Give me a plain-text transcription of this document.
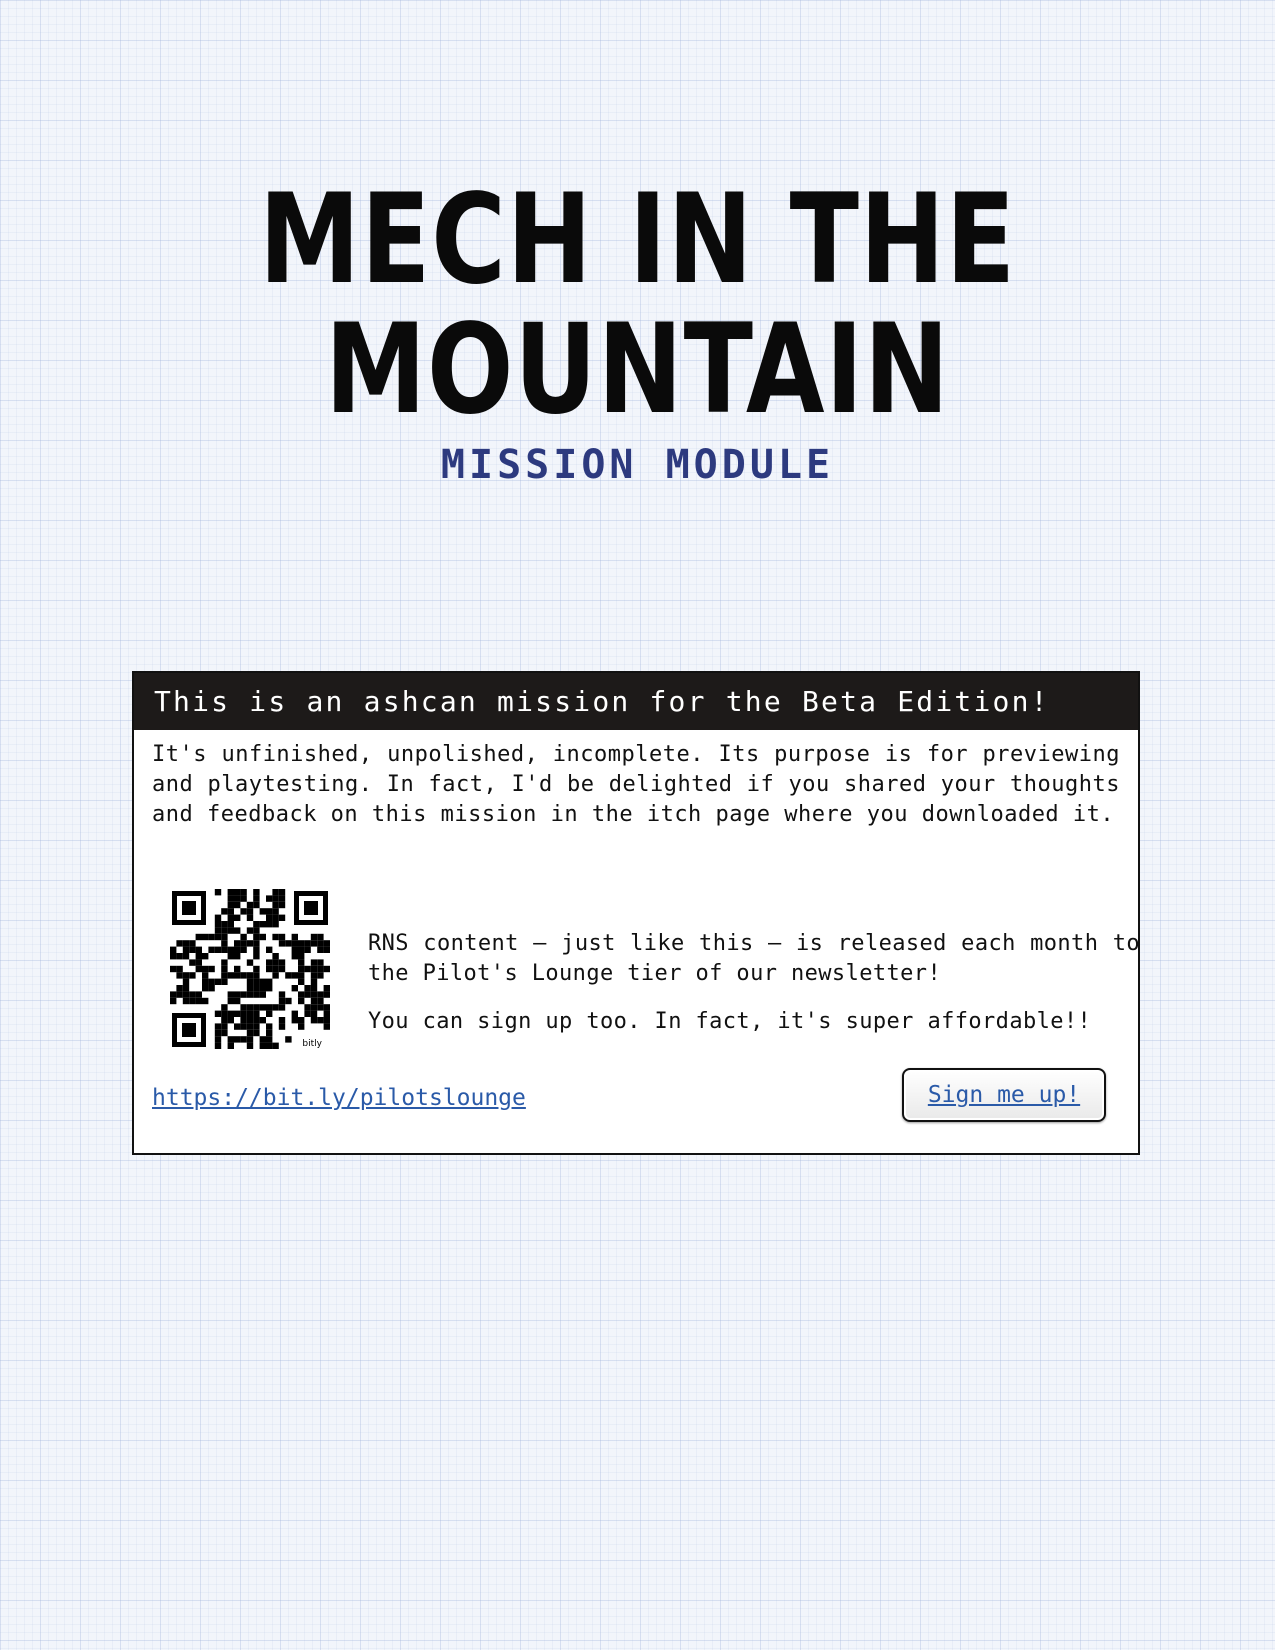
MECH IN THE
MOUNTAIN
MISSION MODULE
This is an ashcan mission for the Beta Edition!
It's unfinished, unpolished, incomplete. Its purpose is for previewing and playtesting. In fact, I'd be delighted if you shared your thoughts and feedback on this mission in the itch page where you downloaded it.
bitly

RNS content — just like this — is released each month to the Pilot's Lounge tier of our newsletter!

You can sign up too. In fact, it's super affordable!!

https://bit.ly/pilotslounge	Sign me up!
